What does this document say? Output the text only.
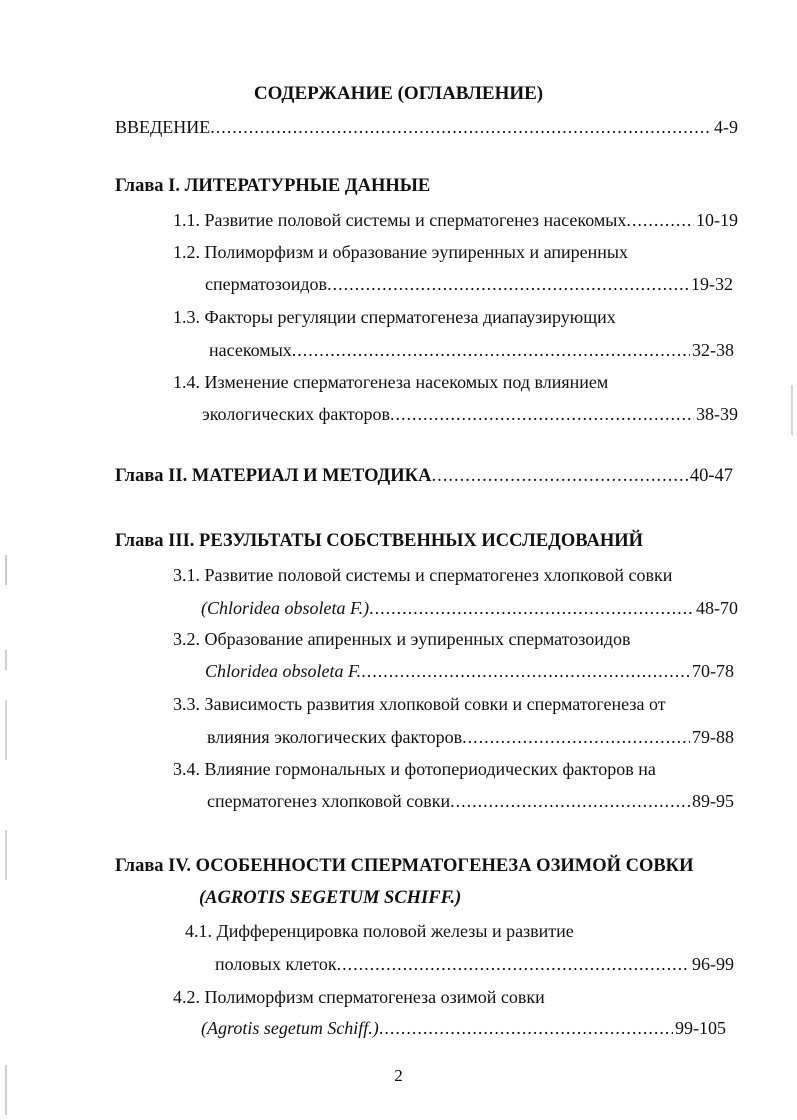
СОДЕРЖАНИЕ (ОГЛАВЛЕНИЕ)
ВВЕДЕНИЕ .....	4-9
Глава I. ЛИТЕРАТУРНЫЕ ДАННЫЕ
1.1. Развитие половой системы и сперматогенез насекомых .....	10-19
1.2. Полиморфизм и образование эупиренных и апиренных
сперматозоидов .....	19-32
1.3. Факторы регуляции сперматогенеза диапаузирующих
насекомых .....	32-38
1.4. Изменение сперматогенеза насекомых под влиянием
экологических факторов .....	38-39
Глава II. МАТЕРИАЛ И МЕТОДИКА .....	40-47
Глава III. РЕЗУЛЬТАТЫ СОБСТВЕННЫХ ИССЛЕДОВАНИЙ
3.1. Развитие половой системы и сперматогенез хлопковой совки
(Chloridea obsoleta F.) .....	48-70
3.2. Образование апиренных и эупиренных сперматозоидов
Chloridea obsoleta F. .....	70-78
3.3. Зависимость развития хлопковой совки и сперматогенеза от
влияния экологических факторов .....	79-88
3.4. Влияние гормональных и фотопериодических факторов на
сперматогенез хлопковой совки .....	89-95
Глава IV. ОСОБЕННОСТИ СПЕРМАТОГЕНЕЗА ОЗИМОЙ СОВКИ
(AGROTIS SEGETUM SCHIFF.)
4.1. Дифференцировка половой железы и развитие
половых клеток .....	96-99
4.2. Полиморфизм сперматогенеза озимой совки
(Agrotis segetum Schiff.) .....	99-105
2
